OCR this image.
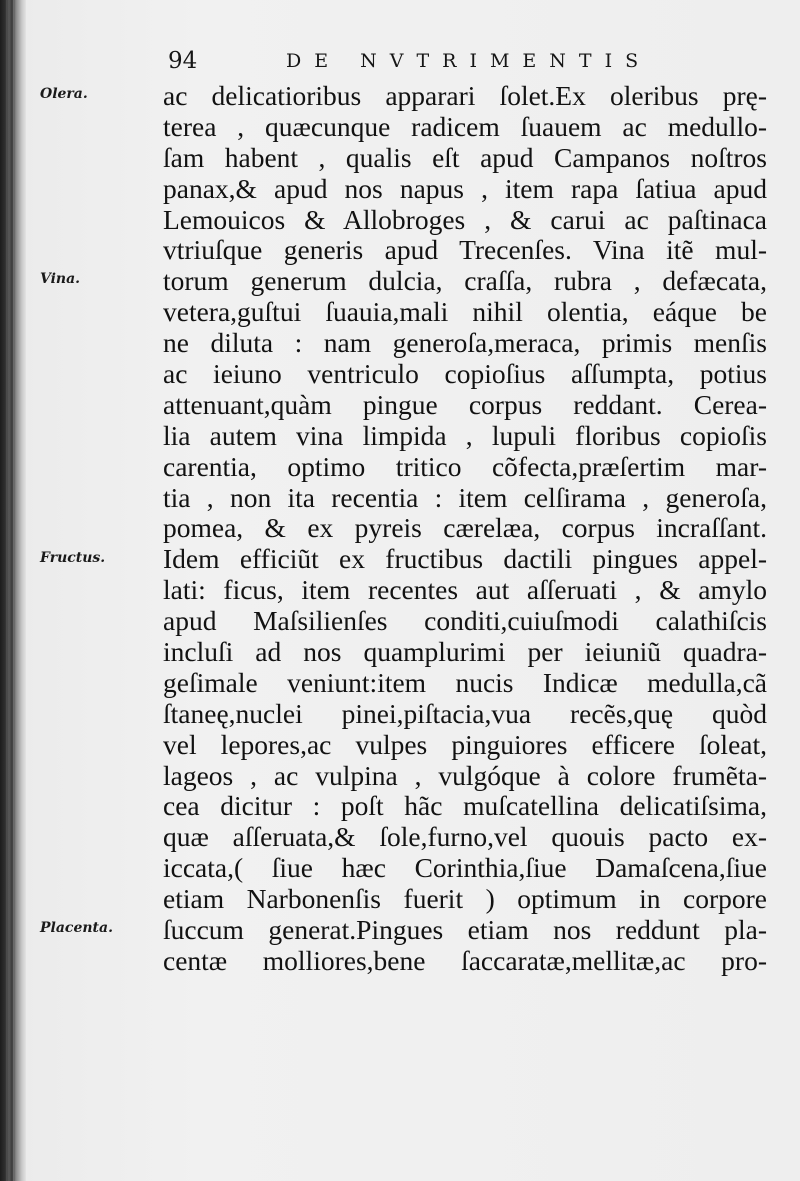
94	DE NVTRIMENTIS
Olera.
Vina.
Fructus.
Placenta.
ac delicatioribus apparari ſolet.Ex oleribus prę-
terea , quæcunque radicem ſuauem ac medullo-
ſam habent , qualis eſt apud Campanos noſtros
panax,& apud nos napus , item rapa ſatiua apud
Lemouicos & Allobroges , & carui ac paſtinaca
vtriuſque generis apud Trecenſes. Vina itẽ mul-
torum generum dulcia, craſſa, rubra , defæcata,
vetera,guſtui ſuauia,mali nihil olentia, eáque be
ne diluta : nam generoſa,meraca, primis menſis
ac ieiuno ventriculo copioſius aſſumpta, potius
attenuant,quàm pingue corpus reddant. Cerea-
lia autem vina limpida , lupuli floribus copioſis
carentia, optimo tritico cõfecta,præſertim mar-
tia , non ita recentia : item celſirama , generoſa,
pomea, & ex pyreis cærelæa, corpus incraſſant.
Idem efficiũt ex fructibus dactili pingues appel-
lati: ficus, item recentes aut aſſeruati , & amylo
apud Maſsilienſes conditi,cuiuſmodi calathiſcis
incluſi ad nos quamplurimi per ieiuniũ quadra-
geſimale veniunt:item nucis Indicæ medulla,cã
ſtaneę,nuclei pinei,piſtacia,vua recẽs,quę quòd
vel lepores,ac vulpes pinguiores efficere ſoleat,
lageos , ac vulpina , vulgóque à colore frumẽta-
cea dicitur : poſt hãc muſcatellina delicatiſsima,
quæ aſſeruata,& ſole,furno,vel quouis pacto ex-
iccata,( ſiue hæc Corinthia,ſiue Damaſcena,ſiue
etiam Narbonenſis fuerit ) optimum in corpore
ſuccum generat.Pingues etiam nos reddunt pla-
centæ molliores,bene ſaccaratæ,mellitæ,ac pro-
